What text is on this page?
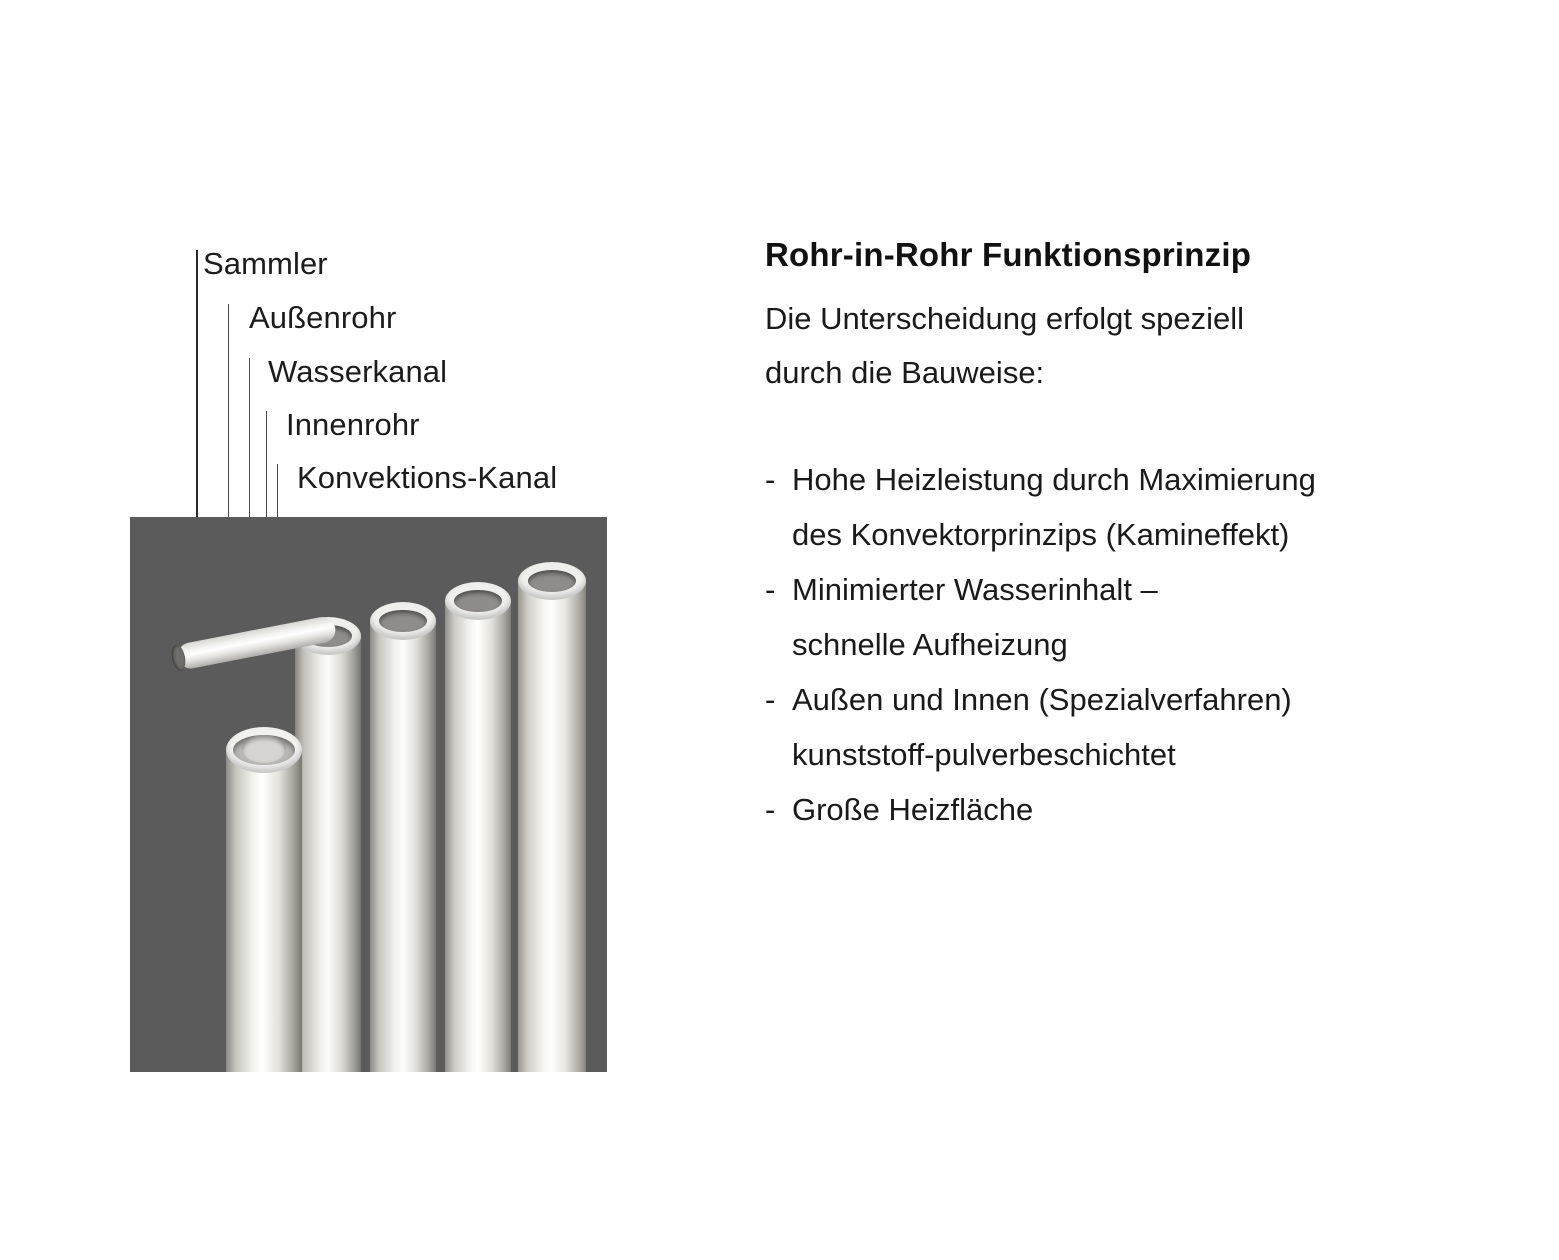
Sammler
Außenrohr
Wasserkanal
Innenrohr
Konvektions-Kanal
Rohr-in-Rohr Funktionsprinzip
Die Unterscheidung erfolgt speziell
durch die Bauweise:
- Hohe Heizleistung durch Maximierung
des Konvektorprinzips (Kamineffekt)
- Minimierter Wasserinhalt –
schnelle Aufheizung
- Außen und Innen (Spezialverfahren)
kunststoff-pulverbeschichtet
- Große Heizfläche
